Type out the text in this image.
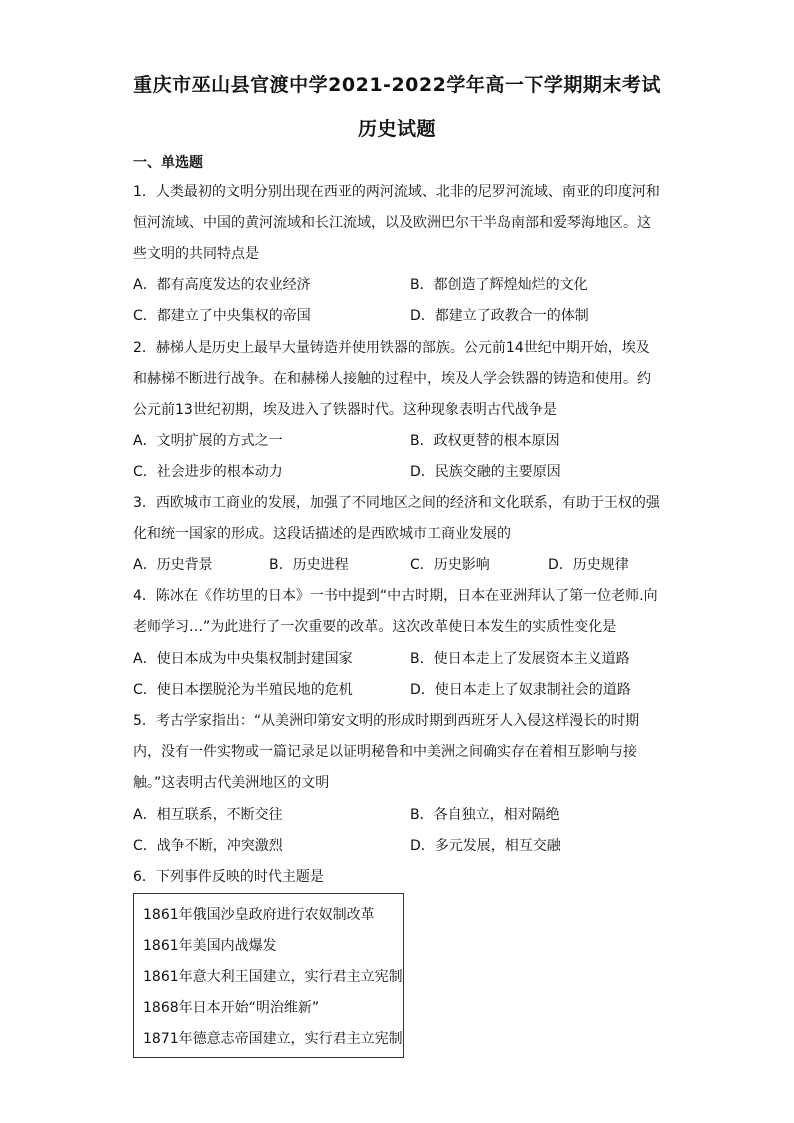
重庆市巫山县官渡中学2021-2022学年高一下学期期末考试
历史试题
一、单选题
1．人类最初的文明分别出现在西亚的两河流域、北非的尼罗河流域、南亚的印度河和
恒河流域、中国的黄河流域和长江流域，以及欧洲巴尔干半岛南部和爱琴海地区。这
些文明的共同特点是
A．都有高度发达的农业经济	B．都创造了辉煌灿烂的文化
C．都建立了中央集权的帝国	D．都建立了政教合一的体制
2．赫梯人是历史上最早大量铸造并使用铁器的部族。公元前14世纪中期开始，埃及
和赫梯不断进行战争。在和赫梯人接触的过程中，埃及人学会铁器的铸造和使用。约
公元前13世纪初期，埃及进入了铁器时代。这种现象表明古代战争是
A．文明扩展的方式之一	B．政权更替的根本原因
C．社会进步的根本动力	D．民族交融的主要原因
3．西欧城市工商业的发展，加强了不同地区之间的经济和文化联系，有助于王权的强
化和统一国家的形成。这段话描述的是西欧城市工商业发展的
A．历史背景	B．历史进程	C．历史影响	D．历史规律
4．陈冰在《作坊里的日本》一书中提到“中古时期，日本在亚洲拜认了第一位老师.向
老师学习…”为此进行了一次重要的改革。这次改革使日本发生的实质性变化是
A．使日本成为中央集权制封建国家	B．使日本走上了发展资本主义道路
C．使日本摆脱沦为半殖民地的危机	D．使日本走上了奴隶制社会的道路
5．考古学家指出：“从美洲印第安文明的形成时期到西班牙人入侵这样漫长的时期
内，没有一件实物或一篇记录足以证明秘鲁和中美洲之间确实存在着相互影响与接
触。”这表明古代美洲地区的文明
A．相互联系，不断交往	B．各自独立，相对隔绝
C．战争不断，冲突激烈	D．多元发展，相互交融
6．下列事件反映的时代主题是
1861年俄国沙皇政府进行农奴制改革
1861年美国内战爆发
1861年意大利王国建立，实行君主立宪制
1868年日本开始“明治维新”
1871年德意志帝国建立，实行君主立宪制
